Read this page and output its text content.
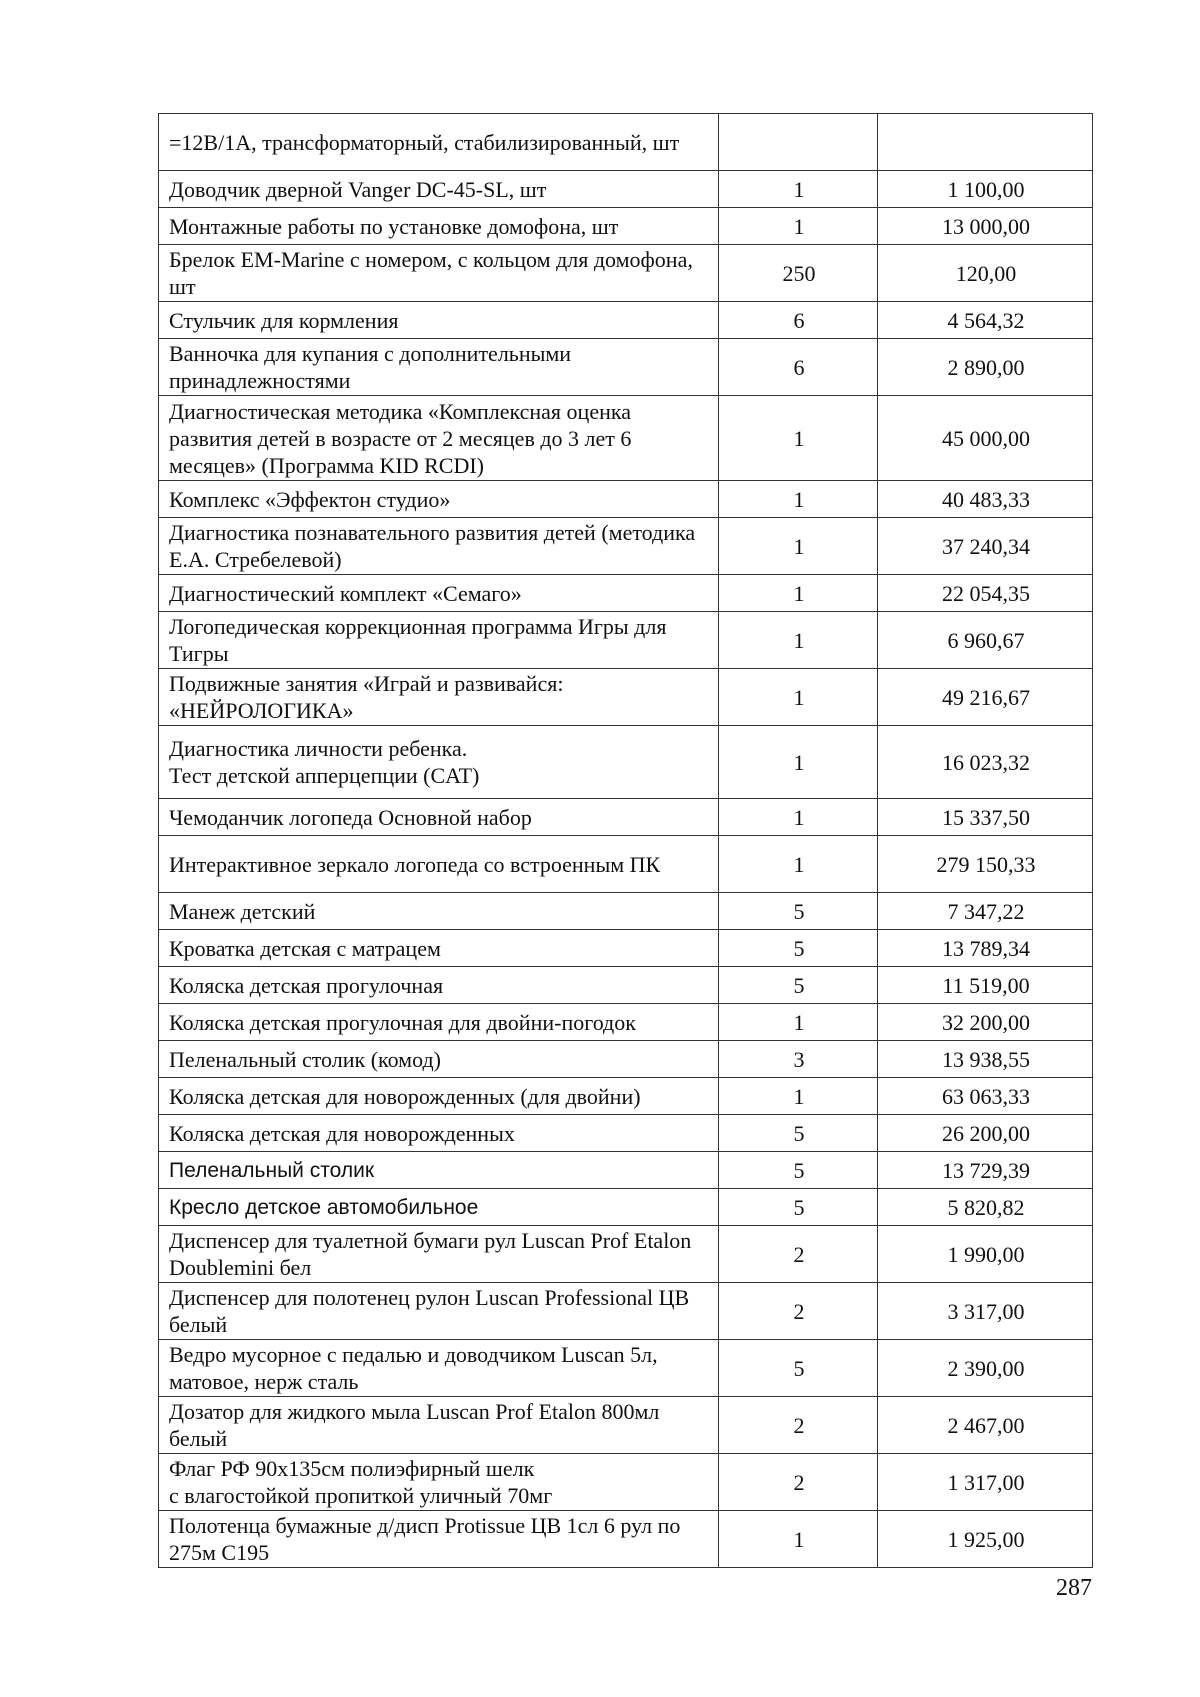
=12В/1А, трансформаторный, стабилизированный, шт		
Доводчик дверной Vanger DC-45-SL, шт	1	1 100,00
Монтажные работы по установке домофона, шт	1	13 000,00
Брелок EM-Marine с номером, с кольцом для домофона, шт	250	120,00
Стульчик для кормления	6	4 564,32
Ванночка для купания с дополнительными принадлежностями	6	2 890,00
Диагностическая методика «Комплексная оценка развития детей в возрасте от 2 месяцев до 3 лет 6 месяцев» (Программа KID RCDI)	1	45 000,00
Комплекс «Эффектон студио»	1	40 483,33
Диагностика познавательного развития детей (методика Е.А. Стребелевой)	1	37 240,34
Диагностический комплект «Семаго»	1	22 054,35
Логопедическая коррекционная программа Игры для Тигры	1	6 960,67
Подвижные занятия «Играй и развивайся: «НЕЙРОЛОГИКА»	1	49 216,67
Диагностика личности ребенка.
Тест детской апперцепции (CAT)	1	16 023,32
Чемоданчик логопеда Основной набор	1	15 337,50
Интерактивное зеркало логопеда со встроенным ПК	1	279 150,33
Манеж детский	5	7 347,22
Кроватка детская с матрацем	5	13 789,34
Коляска детская прогулочная	5	11 519,00
Коляска детская прогулочная для двойни-погодок	1	32 200,00
Пеленальный столик (комод)	3	13 938,55
Коляска детская для новорожденных (для двойни)	1	63 063,33
Коляска детская для новорожденных	5	26 200,00
Пеленальный столик	5	13 729,39
Кресло детское автомобильное	5	5 820,82
Диспенсер для туалетной бумаги рул Luscan Prof Etalon Doublemini бел	2	1 990,00
Диспенсер для полотенец рулон Luscan Professional ЦВ белый	2	3 317,00
Ведро мусорное с педалью и доводчиком Luscan 5л, матовое, нерж сталь	5	2 390,00
Дозатор для жидкого мыла Luscan Prof Etalon 800мл белый	2	2 467,00
Флаг РФ 90х135см полиэфирный шелк
с влагостойкой пропиткой уличный 70мг	2	1 317,00
Полотенца бумажные д/дисп Protissue ЦВ 1сл 6 рул по 275м С195	1	1 925,00
287
